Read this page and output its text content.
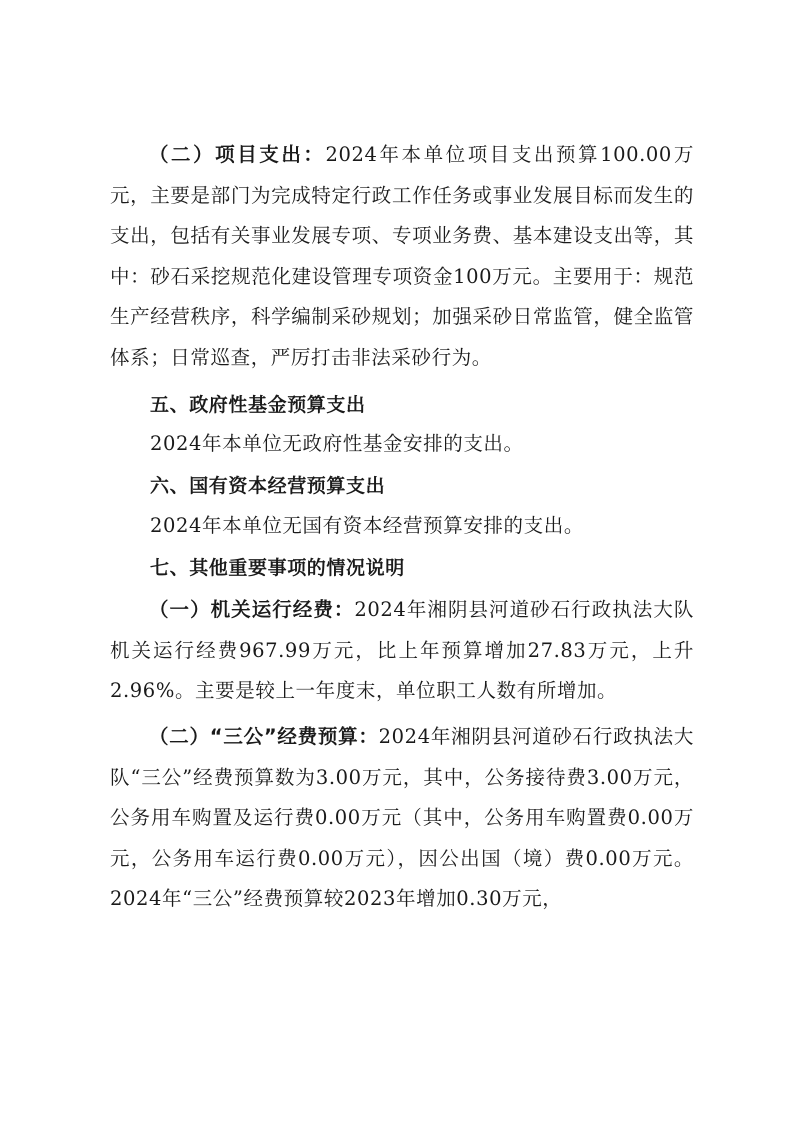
（二）项目支出：2024年本单位项目支出预算100.00万元，主要是部门为完成特定行政工作任务或事业发展目标而发生的支出，包括有关事业发展专项、专项业务费、基本建设支出等，其中：砂石采挖规范化建设管理专项资金100万元。主要用于：规范生产经营秩序，科学编制采砂规划；加强采砂日常监管，健全监管体系；日常巡查，严厉打击非法采砂行为。

五、政府性基金预算支出

2024年本单位无政府性基金安排的支出。

六、国有资本经营预算支出

2024年本单位无国有资本经营预算安排的支出。

七、其他重要事项的情况说明

（一）机关运行经费：2024年湘阴县河道砂石行政执法大队机关运行经费967.99万元，比上年预算增加27.83万元，上升2.96%。主要是较上一年度末，单位职工人数有所增加。

（二）“三公”经费预算：2024年湘阴县河道砂石行政执法大队“三公”经费预算数为3.00万元，其中，公务接待费3.00万元，公务用车购置及运行费0.00万元（其中，公务用车购置费0.00万元，公务用车运行费0.00万元），因公出国（境）费0.00万元。2024年“三公”经费预算较2023年增加0.30万元，
